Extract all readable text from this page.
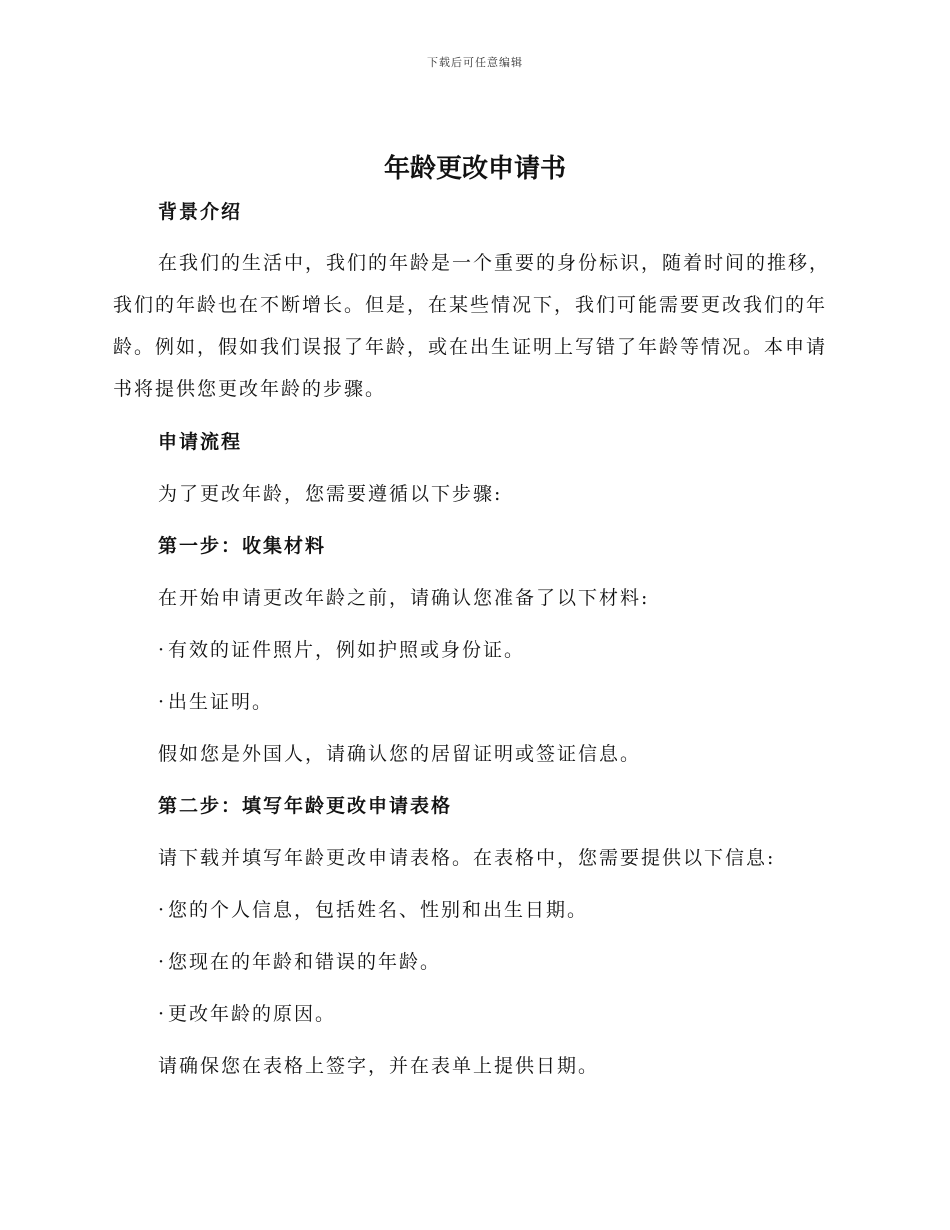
下载后可任意编辑
年龄更改申请书
背景介绍

在我们的生活中，我们的年龄是一个重要的身份标识，随着时间的推移，我们的年龄也在不断增长。但是，在某些情况下，我们可能需要更改我们的年龄。例如，假如我们误报了年龄，或在出生证明上写错了年龄等情况。本申请书将提供您更改年龄的步骤。

申请流程

为了更改年龄，您需要遵循以下步骤:

第一步：收集材料

在开始申请更改年龄之前，请确认您准备了以下材料:

· 有效的证件照片，例如护照或身份证。

· 出生证明。

假如您是外国人，请确认您的居留证明或签证信息。

第二步：填写年龄更改申请表格

请下载并填写年龄更改申请表格。在表格中，您需要提供以下信息:

· 您的个人信息，包括姓名、性别和出生日期。

· 您现在的年龄和错误的年龄。

· 更改年龄的原因。

请确保您在表格上签字，并在表单上提供日期。
